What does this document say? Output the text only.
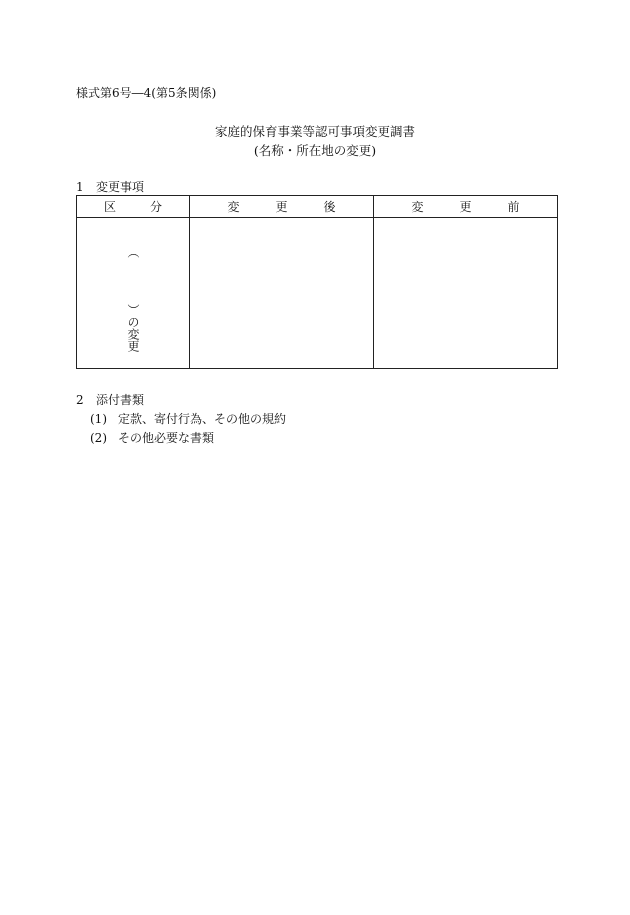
様式第6号―4(第5条関係)
家庭的保育事業等認可事項変更調書
(名称・所在地の変更)
1 変更事項
区 分	変 更 後	変 更 前

︵︶の変更		

2 添付書類
(1) 定款、寄付行為、その他の規約
(2) その他必要な書類
